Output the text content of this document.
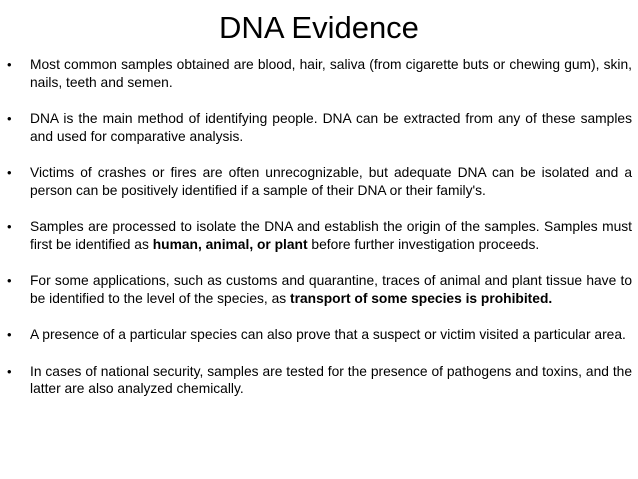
DNA Evidence
• Most common samples obtained are blood, hair, saliva (from cigarette buts or chewing gum), skin, nails, teeth and semen.
• DNA is the main method of identifying people. DNA can be extracted from any of these samples and used for comparative analysis.
• Victims of crashes or fires are often unrecognizable, but adequate DNA can be isolated and a person can be positively identified if a sample of their DNA or their family's.
• Samples are processed to isolate the DNA and establish the origin of the samples. Samples must first be identified as human, animal, or plant before further investigation proceeds.
• For some applications, such as customs and quarantine, traces of animal and plant tissue have to be identified to the level of the species, as transport of some species is prohibited.
• A presence of a particular species can also prove that a suspect or victim visited a particular area.
• In cases of national security, samples are tested for the presence of pathogens and toxins, and the latter are also analyzed chemically.
